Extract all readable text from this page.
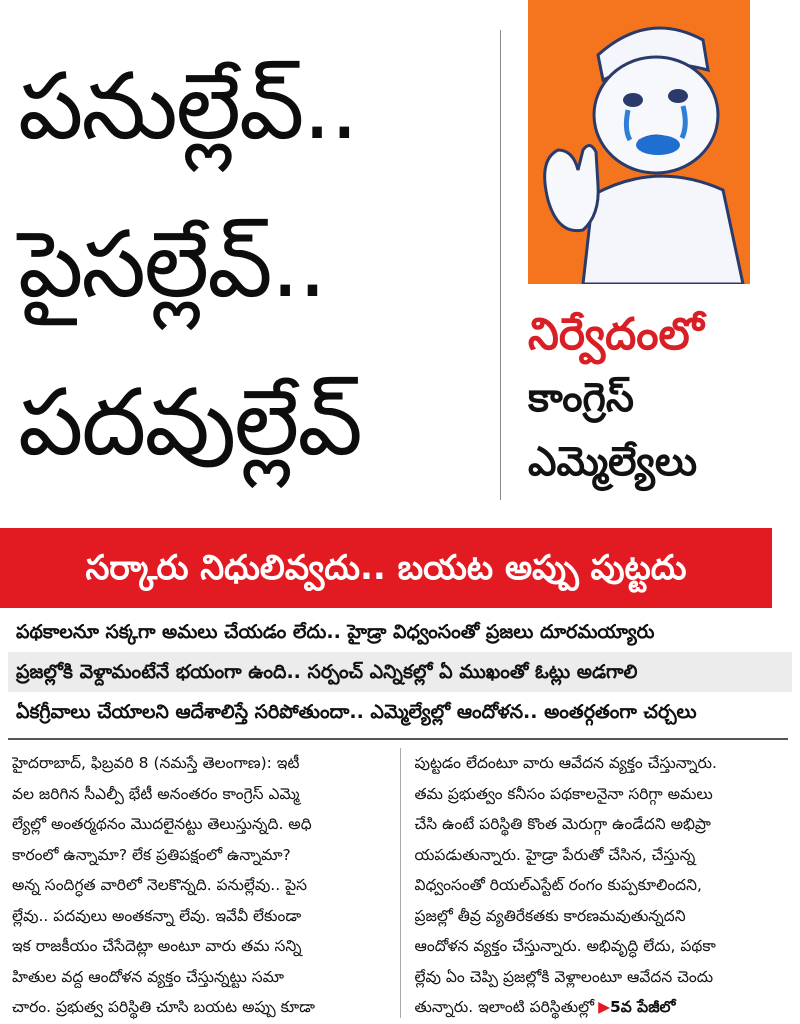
పనుల్లేవ్..
పైసల్లేవ్..
పదవుల్లేవ్
నిర్వేదంలో
కాంగ్రెస్
ఎమ్మెల్యేలు
సర్కారు నిధులివ్వదు.. బయట అప్పు పుట్టదు
పథకాలనూ సక్కగా అమలు చేయడం లేదు.. హైడ్రా విధ్వంసంతో ప్రజలు దూరమయ్యారు
ప్రజల్లోకి వెళ్దామంటేనే భయంగా ఉంది.. సర్పంచ్ ఎన్నికల్లో ఏ ముఖంతో ఓట్లు అడగాలి
ఏకగ్రీవాలు చేయాలని ఆదేశాలిస్తే సరిపోతుందా.. ఎమ్మెల్యేల్లో ఆందోళన.. అంతర్గతంగా చర్చలు

హైదరాబాద్, ఫిబ్రవరి 8 (నమస్తే తెలంగాణ): ఇటీ

వల జరిగిన సీఎల్పీ భేటీ అనంతరం కాంగ్రెస్ ఎమ్మె

ల్యేల్లో అంతర్మథనం మొదలైనట్టు తెలుస్తున్నది. అధి

కారంలో ఉన్నామా? లేక ప్రతిపక్షంలో ఉన్నామా?

అన్న సందిగ్ధత వారిలో నెలకొన్నది. పనుల్లేవు.. పైస

ల్లేవు.. పదవులు అంతకన్నా లేవు. ఇవేవీ లేకుండా

ఇక రాజకీయం చేసేదెట్లా అంటూ వారు తమ సన్ని

హితుల వద్ద ఆందోళన వ్యక్తం చేస్తున్నట్టు సమా

చారం. ప్రభుత్వ పరిస్థితి చూసి బయట అప్పు కూడా

పుట్టడం లేదంటూ వారు ఆవేదన వ్యక్తం చేస్తున్నారు.

తమ ప్రభుత్వం కనీసం పథకాలనైనా సరిగ్గా అమలు

చేసి ఉంటే పరిస్థితి కొంత మెరుగ్గా ఉండేదని అభిప్రా

యపడుతున్నారు. హైడ్రా పేరుతో చేసిన, చేస్తున్న

విధ్వంసంతో రియల్‌ఎస్టేట్ రంగం కుప్పకూలిందని,

ప్రజల్లో తీవ్ర వ్యతిరేకతకు కారణమవుతున్నదని

ఆందోళన వ్యక్తం చేస్తున్నారు. అభివృద్ధి లేదు, పథకా

ల్లేవు ఏం చెప్పి ప్రజల్లోకి వెళ్లాలంటూ ఆవేదన చెందు

తున్నారు. ఇలాంటి పరిస్థితుల్లో ▶5వ పేజీలో
